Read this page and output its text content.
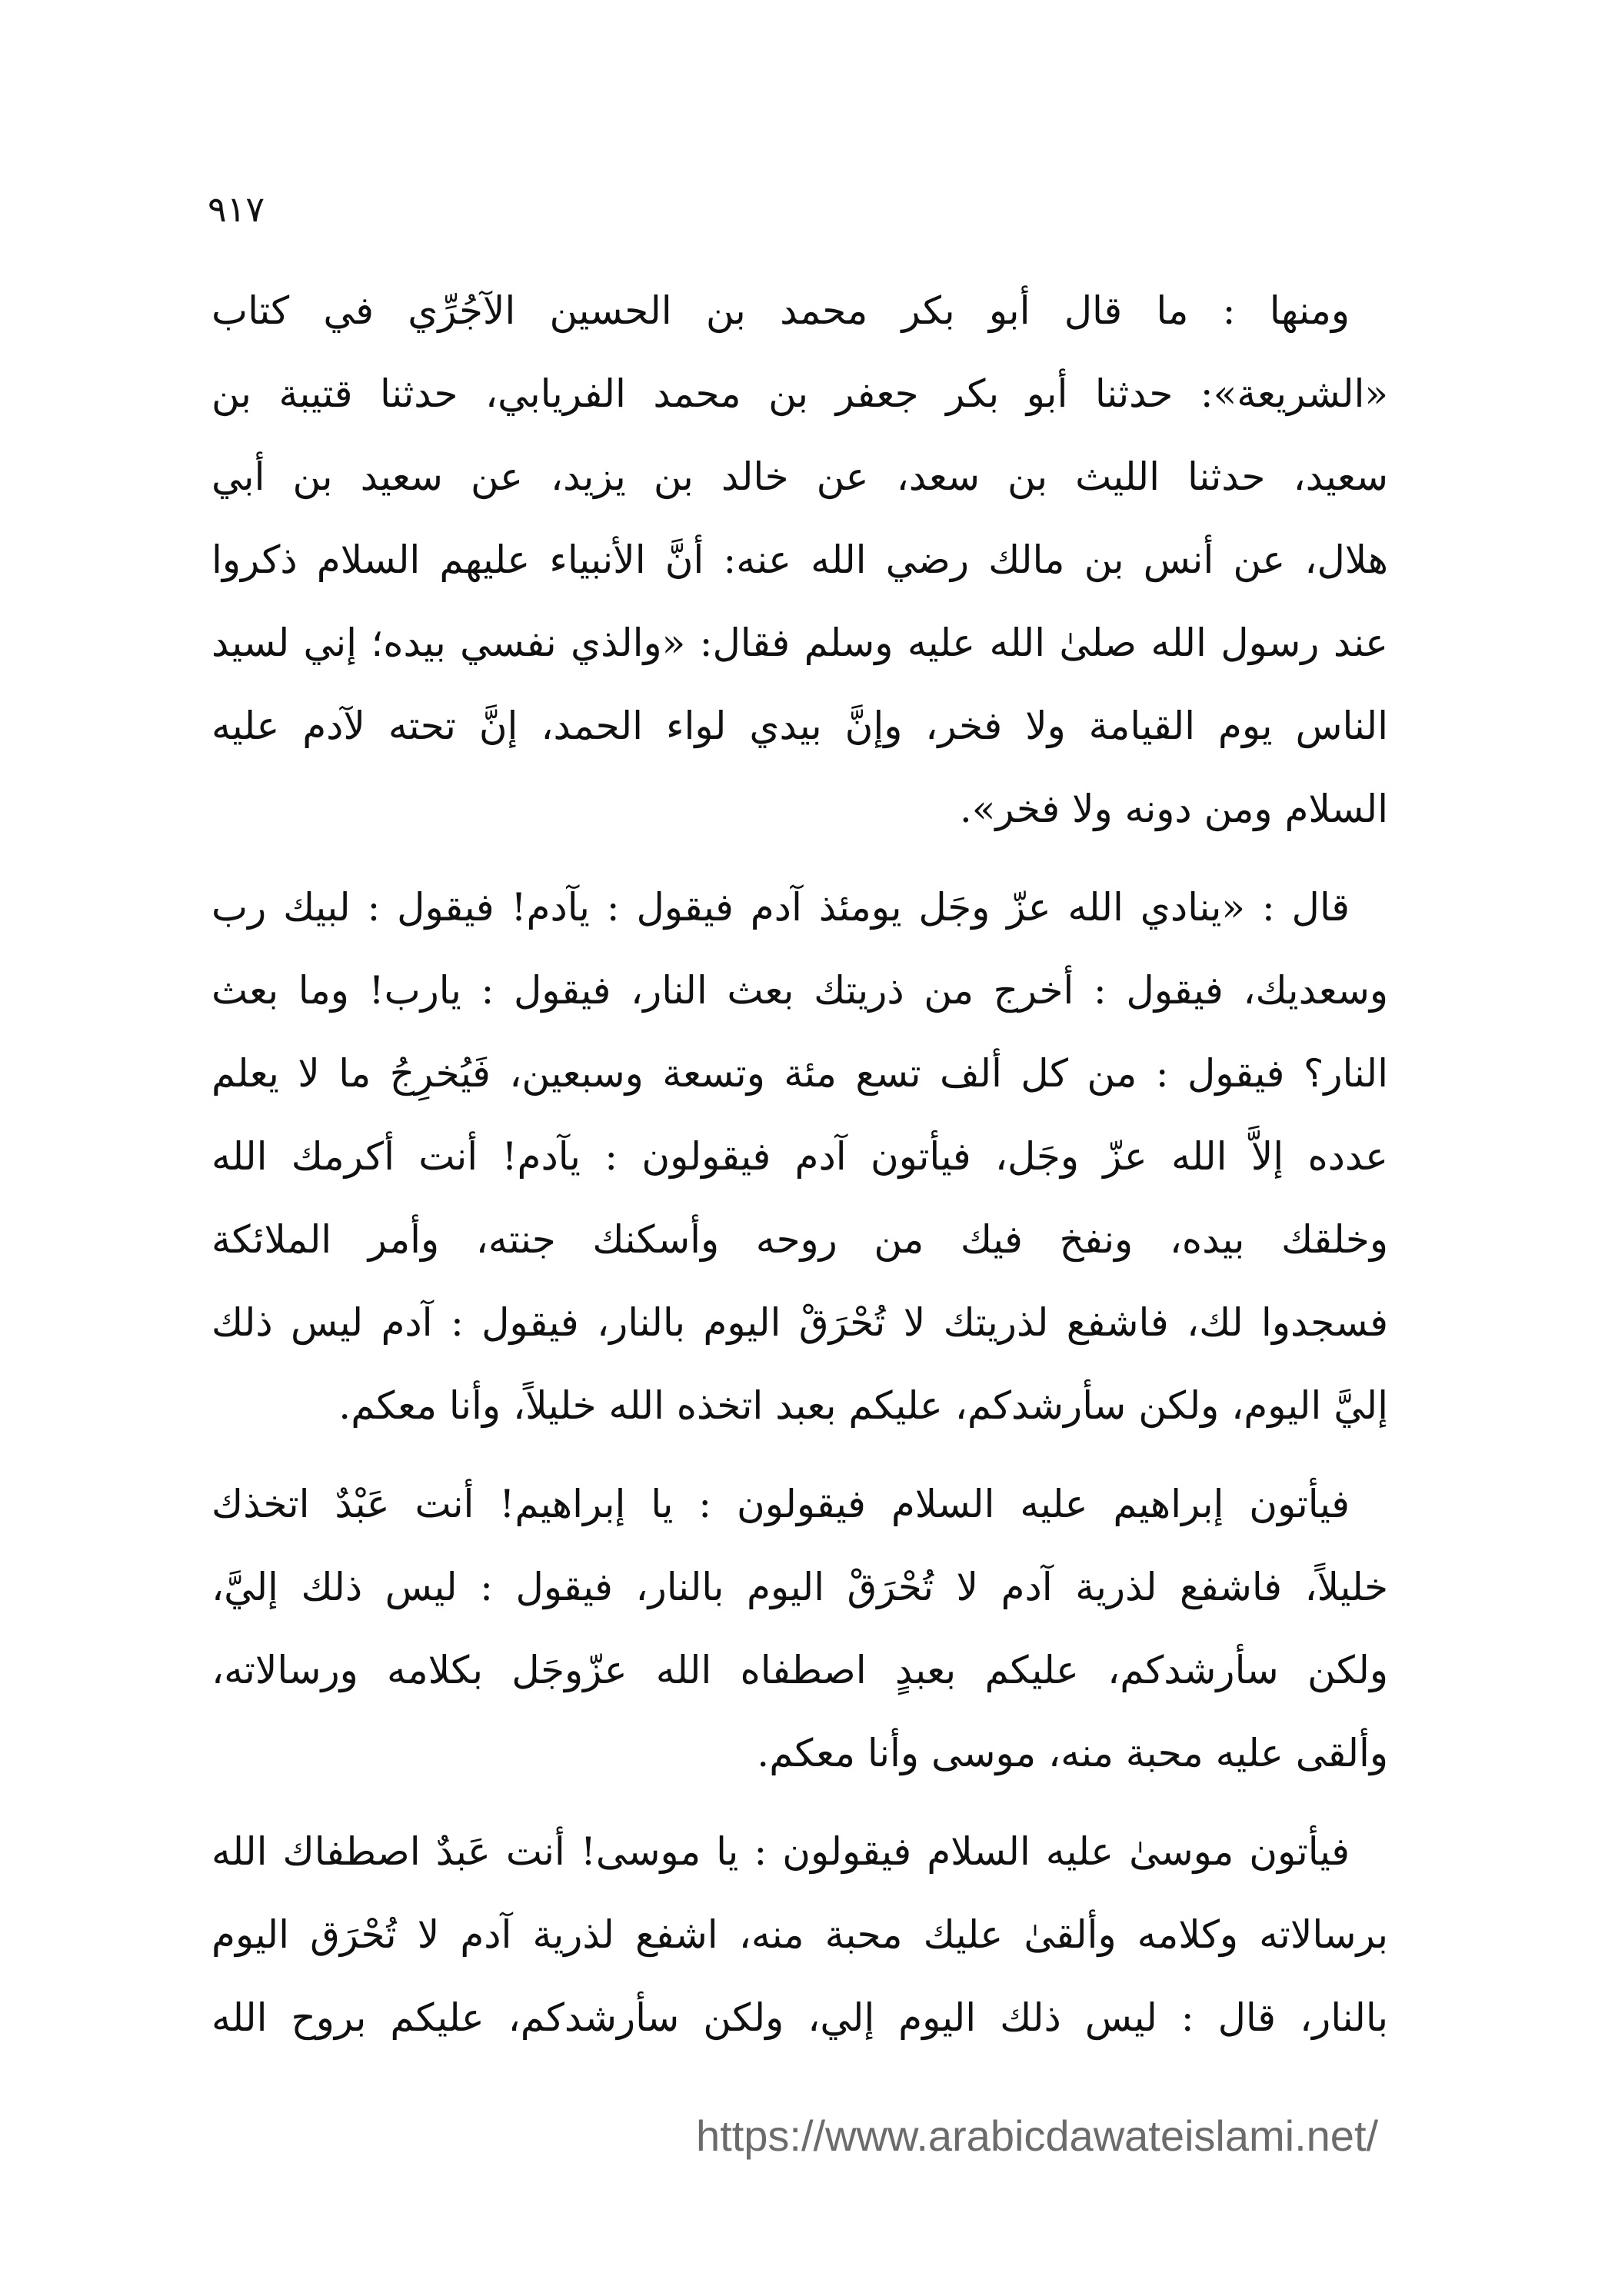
٩١٧
ومنها : ما قال أبو بكر محمد بن الحسين الآجُرِّي في كتاب
«الشريعة»: حدثنا أبو بكر جعفر بن محمد الفريابي، حدثنا قتيبة بن
سعيد، حدثنا الليث بن سعد، عن خالد بن يزيد، عن سعيد بن أبي
هلال، عن أنس بن مالك رضي الله عنه: أنَّ الأنبياء عليهم السلام ذكروا
عند رسول الله صلىٰ الله عليه وسلم فقال: «والذي نفسي بيده؛ إني لسيد
الناس يوم القيامة ولا فخر، وإنَّ بيدي لواء الحمد، إنَّ تحته لآدم عليه
السلام ومن دونه ولا فخر».
قال : «ينادي الله عزّ وجَل يومئذ آدم فيقول : يآدم! فيقول : لبيك رب
وسعديك، فيقول : أخرج من ذريتك بعث النار، فيقول : يارب! وما بعث
النار؟ فيقول : من كل ألف تسع مئة وتسعة وسبعين، فَيُخرِجُ ما لا يعلم
عدده إلاَّ الله عزّ وجَل، فيأتون آدم فيقولون : يآدم! أنت أكرمك الله
وخلقك بيده، ونفخ فيك من روحه وأسكنك جنته، وأمر الملائكة
فسجدوا لك، فاشفع لذريتك لا تُحْرَقْ اليوم بالنار، فيقول : آدم ليس ذلك
إليَّ اليوم، ولكن سأرشدكم، عليكم بعبد اتخذه الله خليلاً، وأنا معكم.
فيأتون إبراهيم عليه السلام فيقولون : يا إبراهيم! أنت عَبْدٌ اتخذك
خليلاً، فاشفع لذرية آدم لا تُحْرَقْ اليوم بالنار، فيقول : ليس ذلك إليَّ،
ولكن سأرشدكم، عليكم بعبدٍ اصطفاه الله عزّوجَل بكلامه ورسالاته،
وألقى عليه محبة منه، موسى وأنا معكم.
فيأتون موسىٰ عليه السلام فيقولون : يا موسى! أنت عَبدٌ اصطفاك الله
برسالاته وكلامه وألقىٰ عليك محبة منه، اشفع لذرية آدم لا تُحْرَق اليوم
بالنار، قال : ليس ذلك اليوم إلي، ولكن سأرشدكم، عليكم بروح الله
https://www.arabicdawateislami.net/
